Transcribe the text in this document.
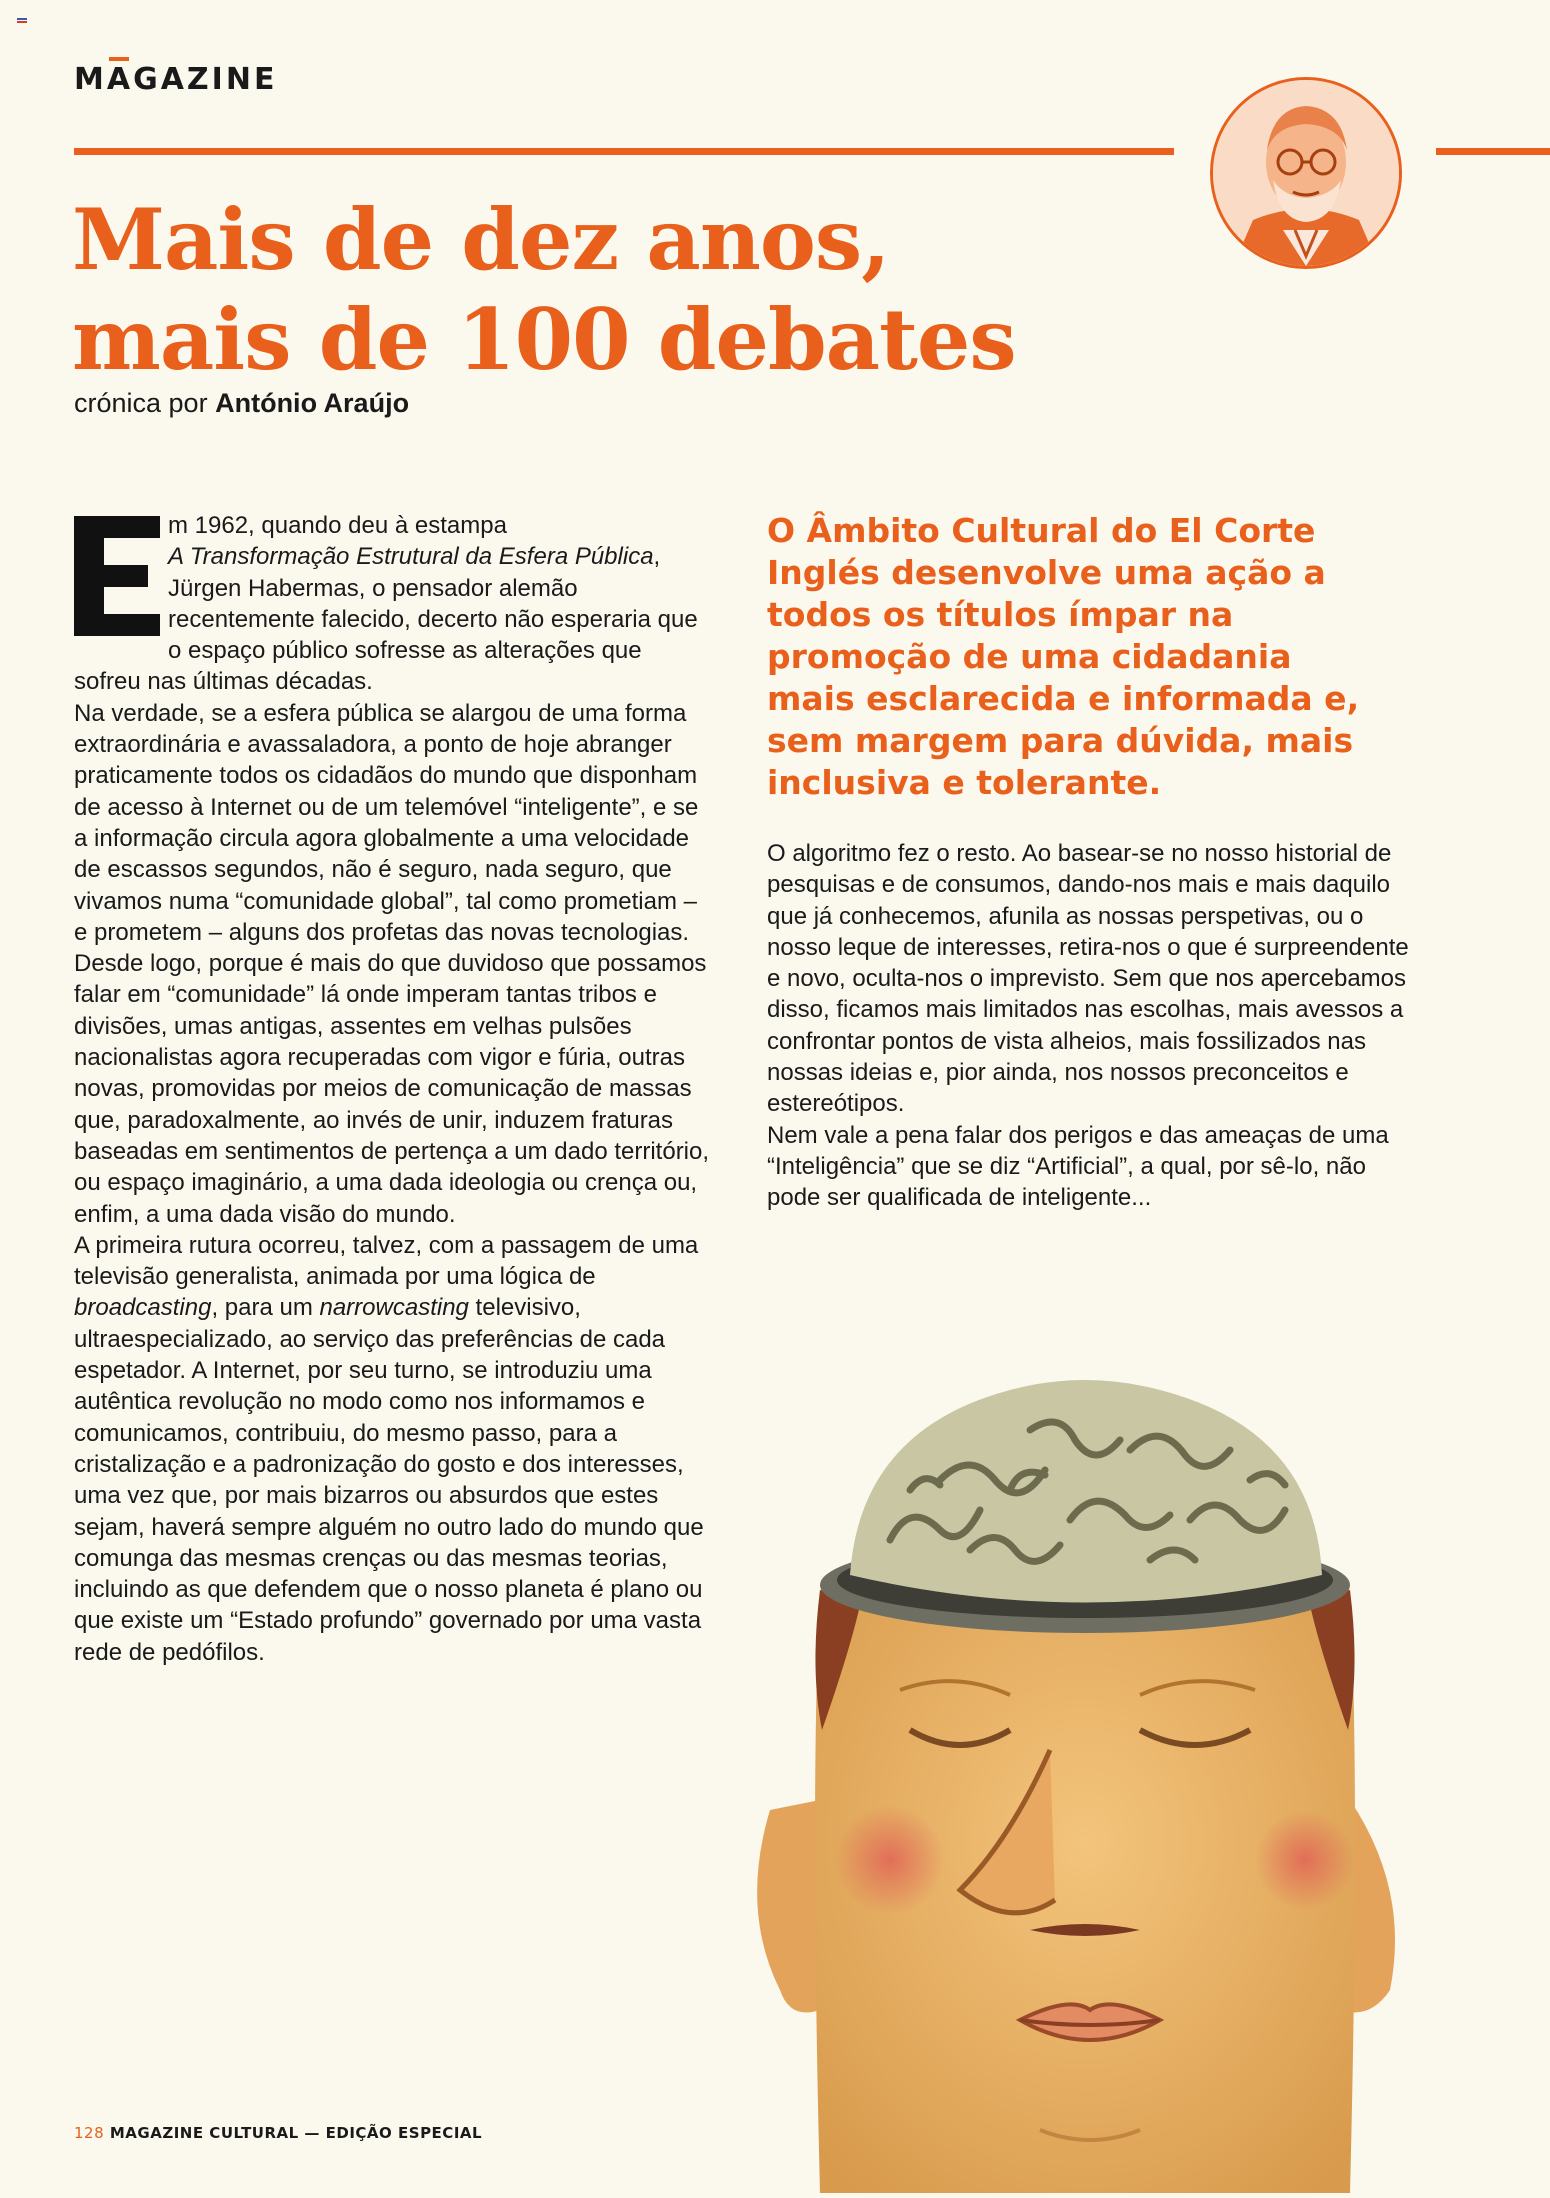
MAGAZINE
Mais de dez anos,
mais de 100 debates
crónica por António Araújo

m 1962, quando deu à estampa
A Transformação Estrutural da Esfera Pública, Jürgen Habermas, o pensador alemão recentemente falecido, decerto não esperaria que o espaço público sofresse as alterações que sofreu nas últimas décadas.

Na verdade, se a esfera pública se alargou de uma forma extraordinária e avassaladora, a ponto de hoje abranger praticamente todos os cidadãos do mundo que disponham de acesso à Internet ou de um telemóvel “inteligente”, e se a informação circula agora globalmente a uma velocidade de escassos segundos, não é seguro, nada seguro, que vivamos numa “comunidade global”, tal como prometiam – e prometem – alguns dos profetas das novas tecnologias.

Desde logo, porque é mais do que duvidoso que possamos falar em “comunidade” lá onde imperam tantas tribos e divisões, umas antigas, assentes em velhas pulsões nacionalistas agora recuperadas com vigor e fúria, outras novas, promovidas por meios de comunicação de massas que, paradoxalmente, ao invés de unir, induzem fraturas baseadas em sentimentos de pertença a um dado território, ou espaço imaginário, a uma dada ideologia ou crença ou, enfim, a uma dada visão do mundo.

A primeira rutura ocorreu, talvez, com a passagem de uma televisão generalista, animada por uma lógica de broadcasting, para um narrowcasting televisivo, ultraespecializado, ao serviço das preferências de cada espetador. A Internet, por seu turno, se introduziu uma autêntica revolução no modo como nos informamos e comunicamos, contribuiu, do mesmo passo, para a cristalização e a padronização do gosto e dos interesses, uma vez que, por mais bizarros ou absurdos que estes sejam, haverá sempre alguém no outro lado do mundo que comunga das mesmas crenças ou das mesmas teorias, incluindo as que defendem que o nosso planeta é plano ou que existe um “Estado profundo” governado por uma vasta rede de pedófilos.

O Âmbito Cultural do El Corte Inglés desenvolve uma ação a todos os títulos ímpar na promoção de uma cidadania mais esclarecida e informada e, sem margem para dúvida, mais inclusiva e tolerante.

O algoritmo fez o resto. Ao basear-se no nosso historial de pesquisas e de consumos, dando-nos mais e mais daquilo que já conhecemos, afunila as nossas perspetivas, ou o nosso leque de interesses, retira-nos o que é surpreendente e novo, oculta-nos o imprevisto. Sem que nos apercebamos disso, ficamos mais limitados nas escolhas, mais avessos a confrontar pontos de vista alheios, mais fossilizados nas nossas ideias e, pior ainda, nos nossos preconceitos e estereótipos.

Nem vale a pena falar dos perigos e das ameaças de uma “Inteligência” que se diz “Artificial”, a qual, por sê-lo, não pode ser qualificada de inteligente...

128 MAGAZINE CULTURAL — EDIÇÃO ESPECIAL
